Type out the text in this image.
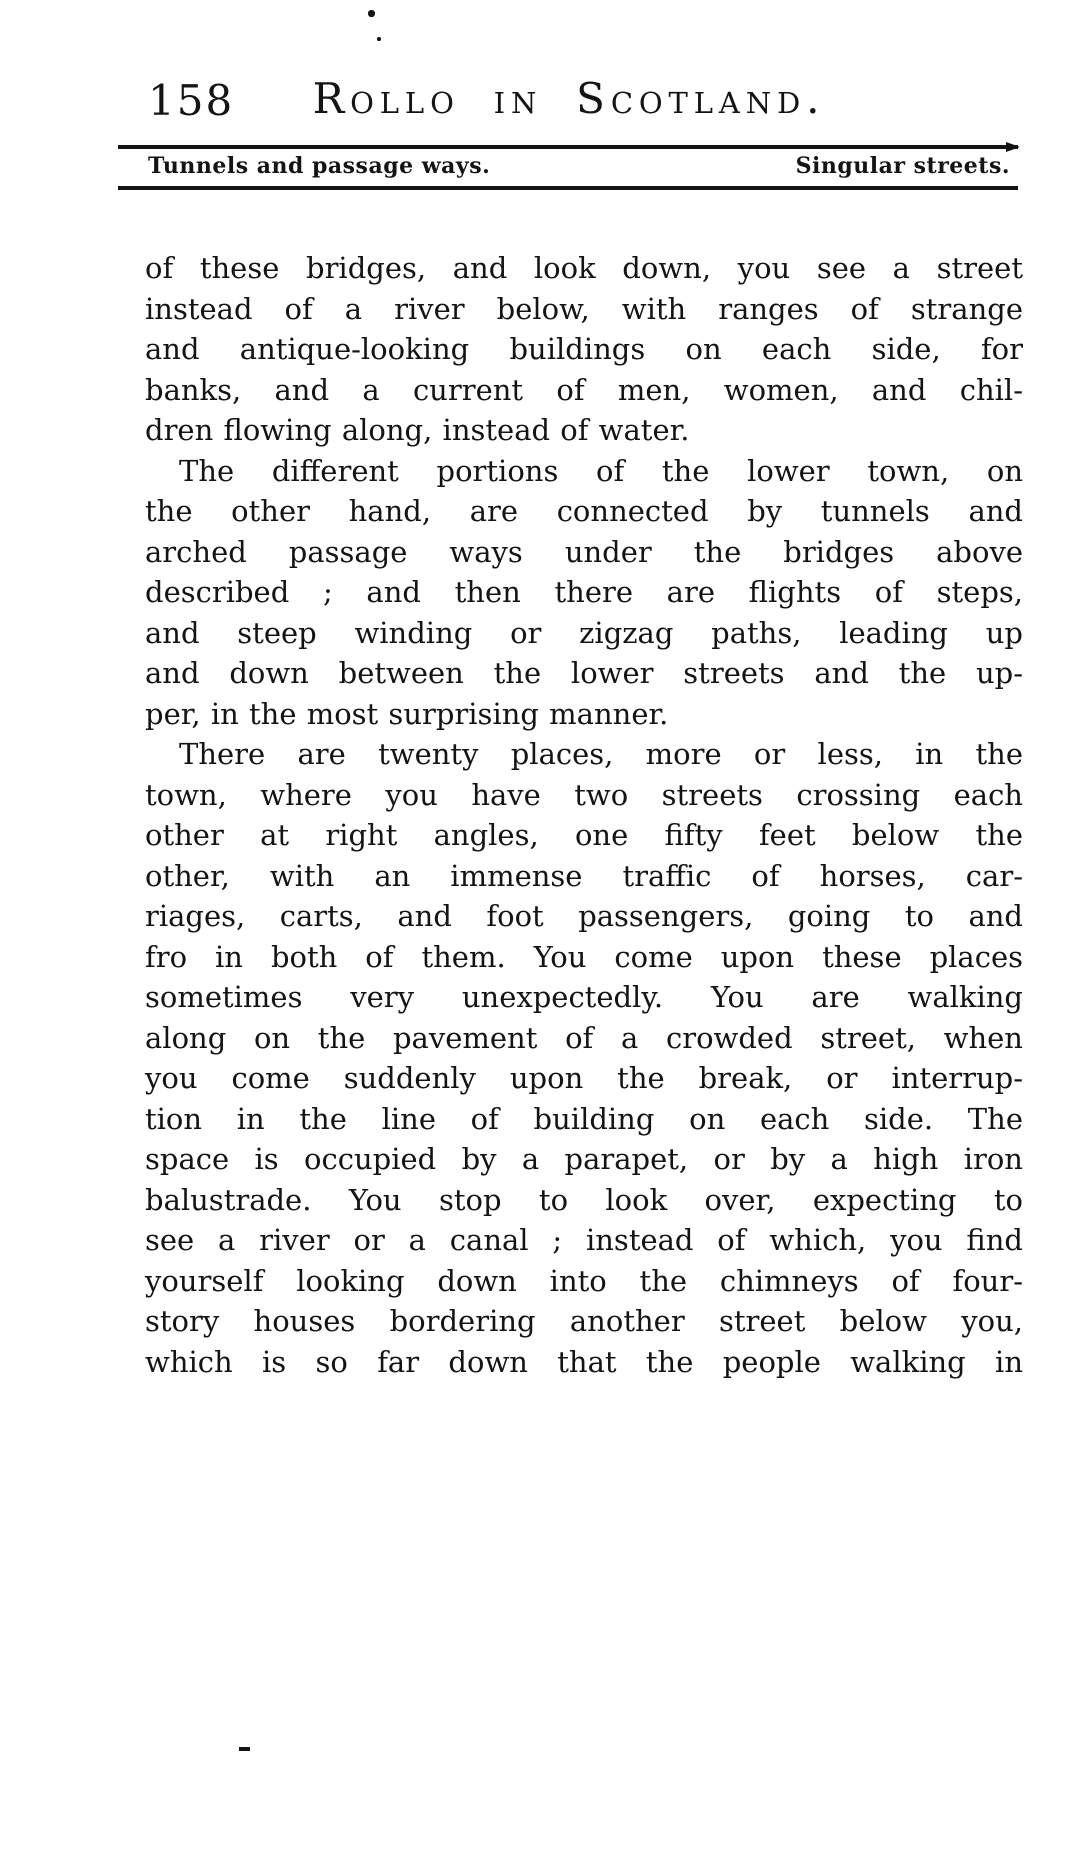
158	Rollo in Scotland.
Tunnels and passage ways.	Singular streets.
of these bridges, and look down, you see a street
instead of a river below, with ranges of strange
and antique-looking buildings on each side, for
banks, and a current of men, women, and chil-
dren flowing along, instead of water.
The different portions of the lower town, on
the other hand, are connected by tunnels and
arched passage ways under the bridges above
described ; and then there are flights of steps,
and steep winding or zigzag paths, leading up
and down between the lower streets and the up-
per, in the most surprising manner.
There are twenty places, more or less, in the
town, where you have two streets crossing each
other at right angles, one fifty feet below the
other, with an immense traffic of horses, car-
riages, carts, and foot passengers, going to and
fro in both of them. You come upon these places
sometimes very unexpectedly. You are walking
along on the pavement of a crowded street, when
you come suddenly upon the break, or interrup-
tion in the line of building on each side. The
space is occupied by a parapet, or by a high iron
balustrade. You stop to look over, expecting to
see a river or a canal ; instead of which, you find
yourself looking down into the chimneys of four-
story houses bordering another street below you,
which is so far down that the people walking in
